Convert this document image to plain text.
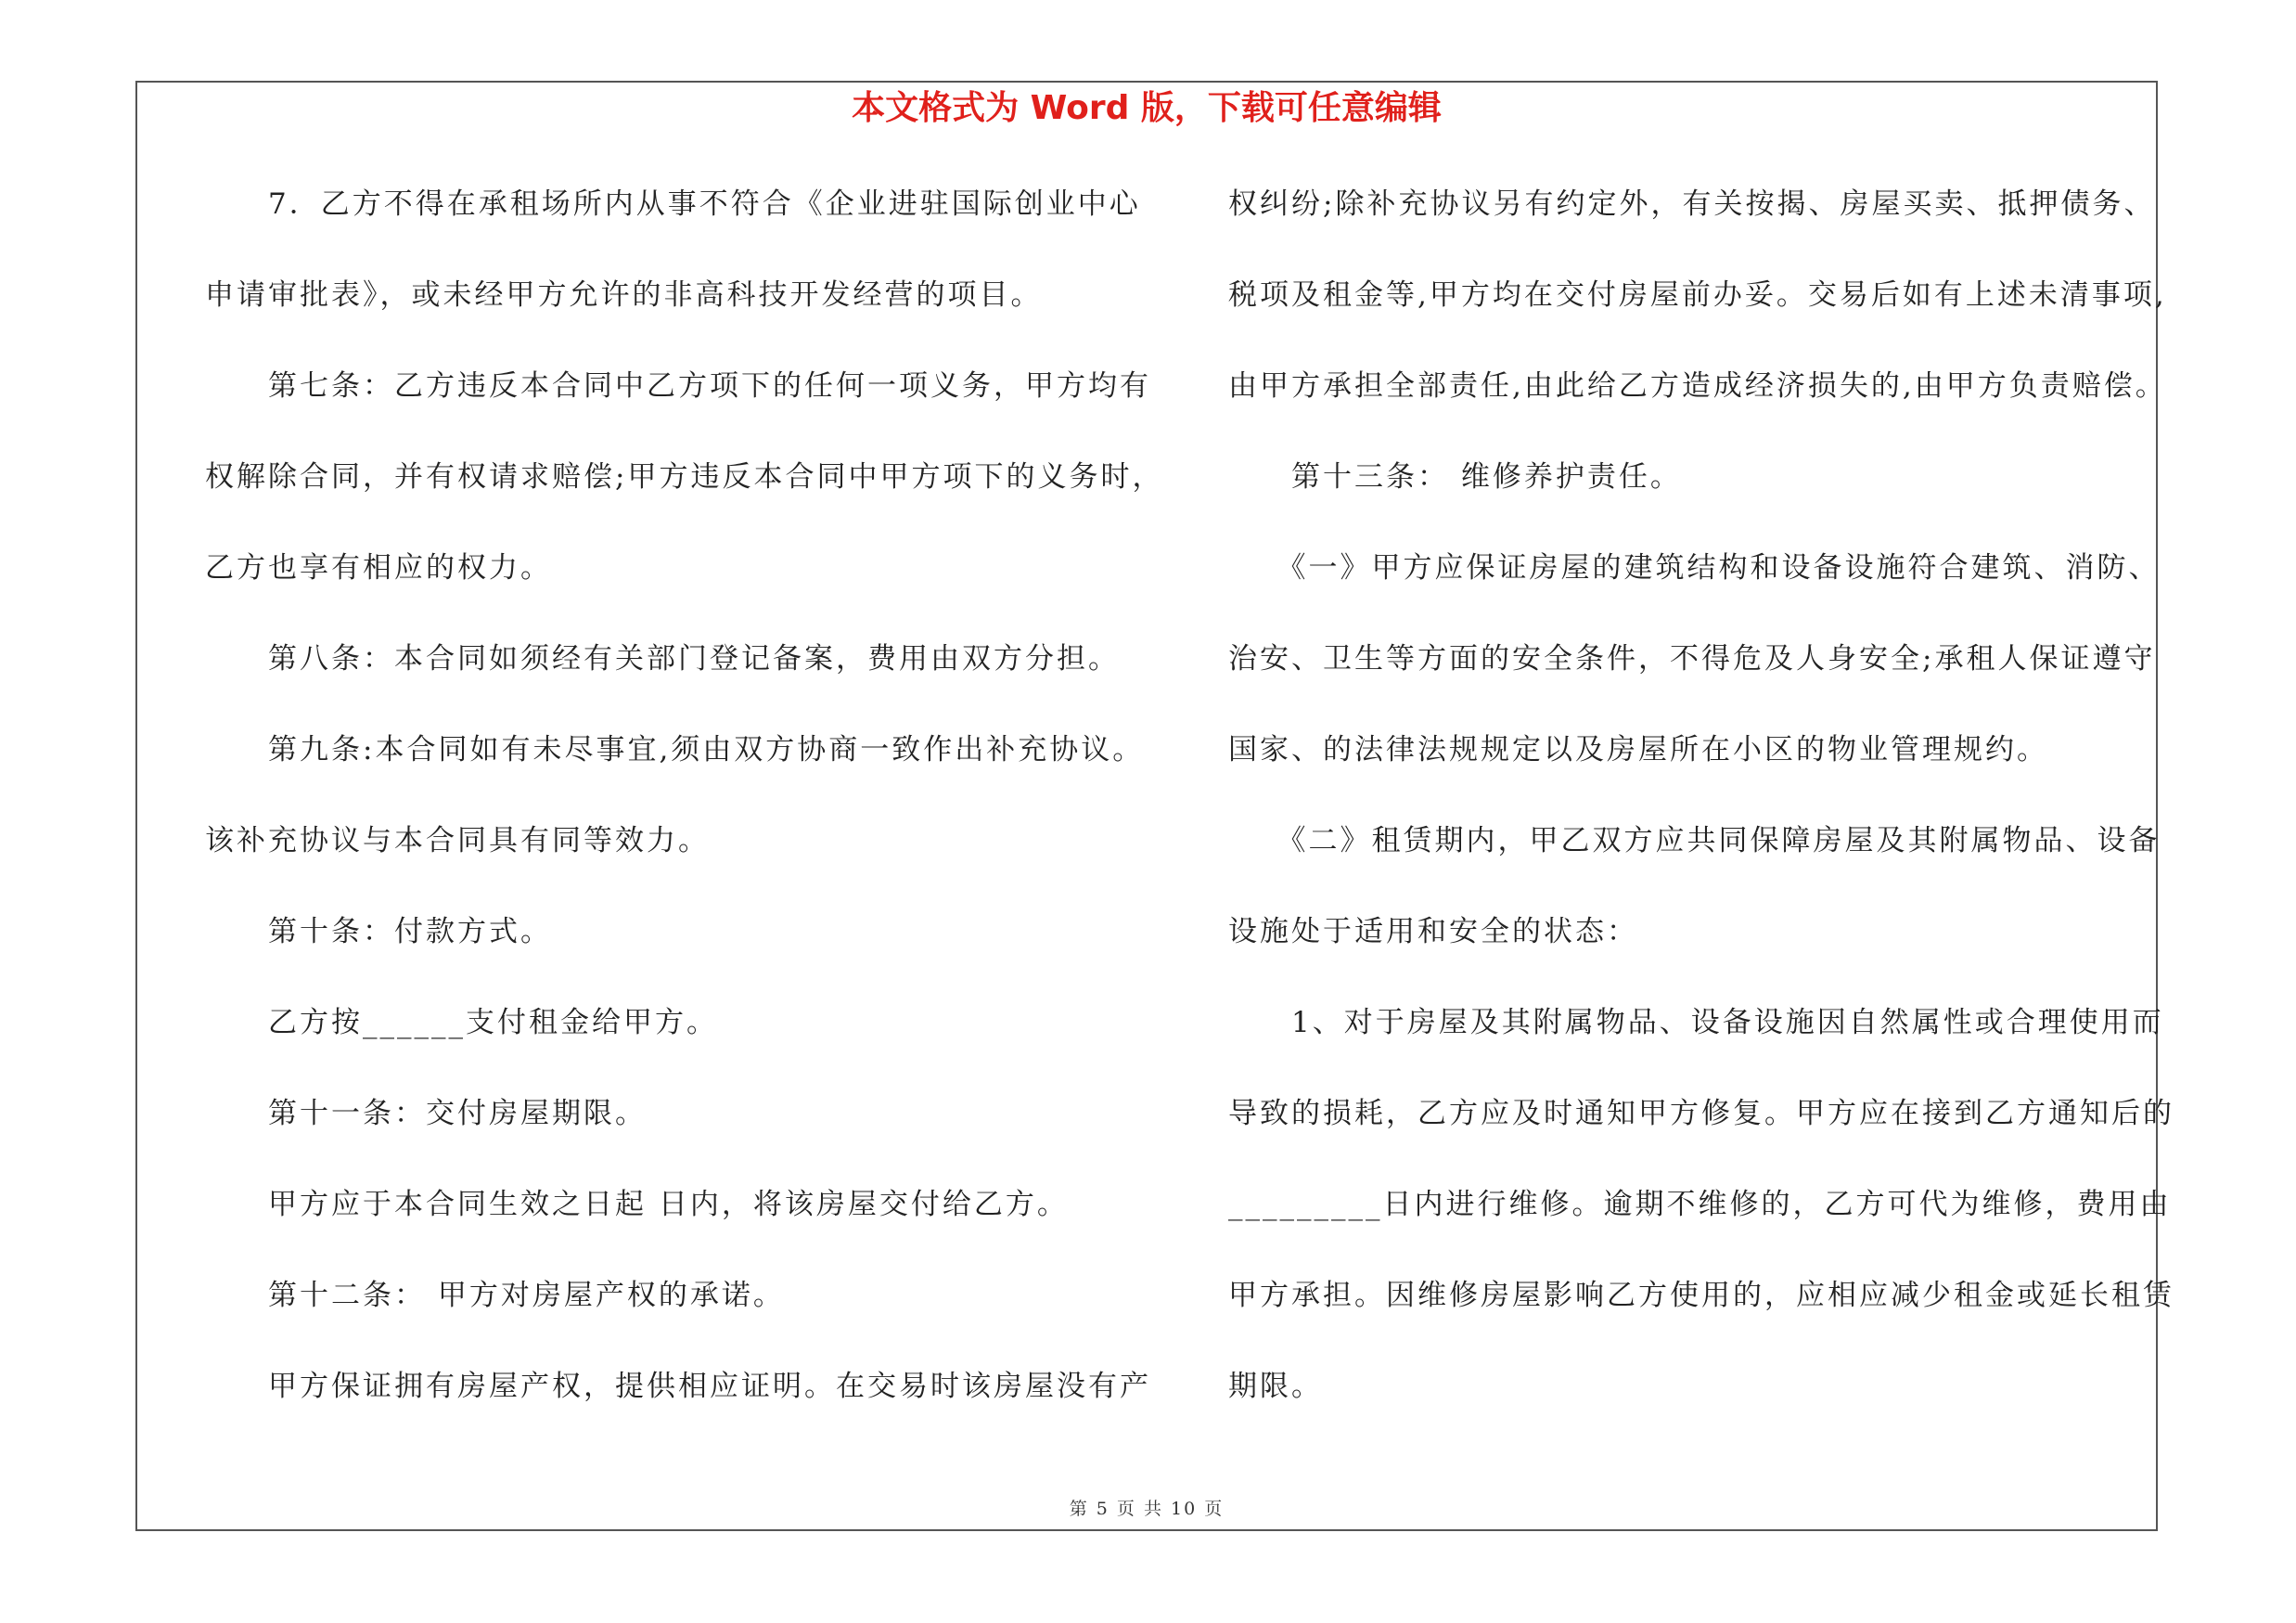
本文格式为 Word 版，下载可任意编辑
　　7．乙方不得在承租场所内从事不符合《企业进驻国际创业中心
申请审批表》，或未经甲方允许的非高科技开发经营的项目。
　　第七条：乙方违反本合同中乙方项下的任何一项义务，甲方均有
权解除合同，并有权请求赔偿;甲方违反本合同中甲方项下的义务时，
乙方也享有相应的权力。
　　第八条：本合同如须经有关部门登记备案，费用由双方分担。
　　第九条:本合同如有未尽事宜,须由双方协商一致作出补充协议。
该补充协议与本合同具有同等效力。
　　第十条：付款方式。
　　乙方按______支付租金给甲方。
　　第十一条：交付房屋期限。
　　甲方应于本合同生效之日起 日内，将该房屋交付给乙方。
　　第十二条： 甲方对房屋产权的承诺。
　　甲方保证拥有房屋产权，提供相应证明。在交易时该房屋没有产
权纠纷;除补充协议另有约定外，有关按揭、房屋买卖、抵押债务、
税项及租金等,甲方均在交付房屋前办妥。交易后如有上述未清事项,
由甲方承担全部责任,由此给乙方造成经济损失的,由甲方负责赔偿。
　　第十三条： 维修养护责任。
　　《一》甲方应保证房屋的建筑结构和设备设施符合建筑、消防、
治安、卫生等方面的安全条件，不得危及人身安全;承租人保证遵守
国家、的法律法规规定以及房屋所在小区的物业管理规约。
　　《二》租赁期内，甲乙双方应共同保障房屋及其附属物品、设备
设施处于适用和安全的状态：
　　1、对于房屋及其附属物品、设备设施因自然属性或合理使用而
导致的损耗，乙方应及时通知甲方修复。甲方应在接到乙方通知后的
_________日内进行维修。逾期不维修的，乙方可代为维修，费用由
甲方承担。因维修房屋影响乙方使用的，应相应减少租金或延长租赁
期限。
第 5 页 共 10 页
